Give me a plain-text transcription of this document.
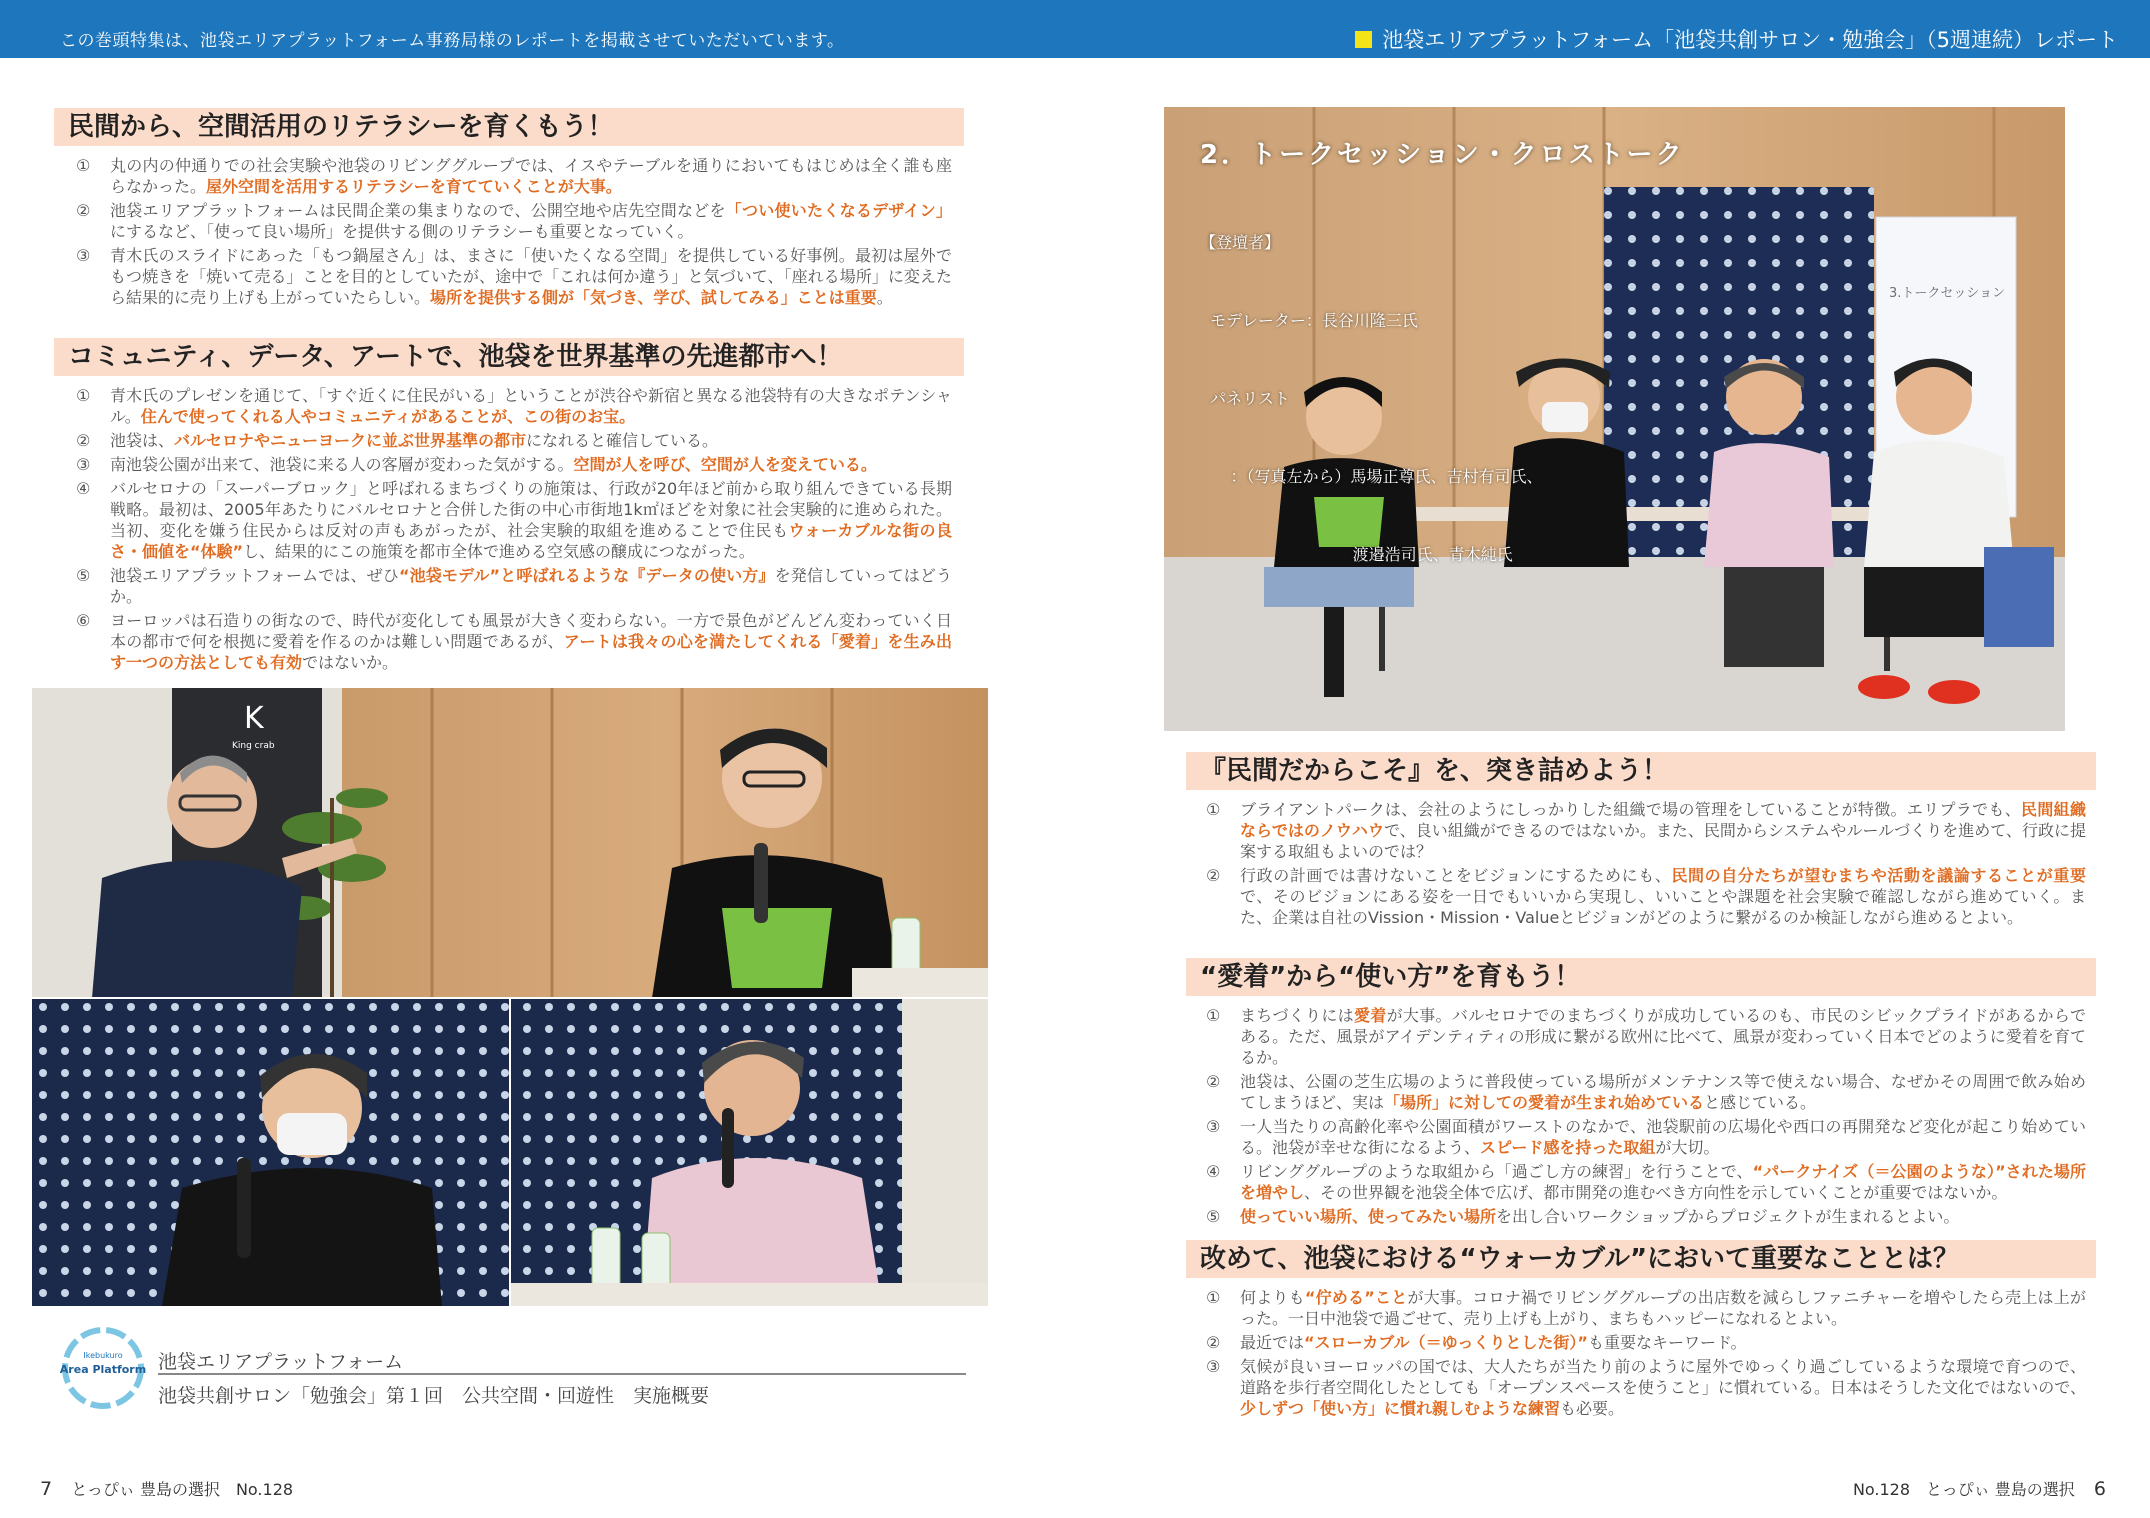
この巻頭特集は、池袋エリアプラットフォーム事務局様のレポートを掲載させていただいています。	池袋エリアプラットフォーム「池袋共創サロン・勉強会」（5週連続）レポート
民間から、空間活用のリテラシーを育くもう！
①	丸の内の仲通りでの社会実験や池袋のリビンググループでは、イスやテーブルを通りにおいてもはじめは全く誰も座らなかった。屋外空間を活用するリテラシーを育てていくことが大事。
②	池袋エリアプラットフォームは民間企業の集まりなので、公開空地や店先空間などを「つい使いたくなるデザイン」にするなど、「使って良い場所」を提供する側のリテラシーも重要となっていく。
③	青木氏のスライドにあった「もつ鍋屋さん」は、まさに「使いたくなる空間」を提供している好事例。最初は屋外でもつ焼きを「焼いて売る」ことを目的としていたが、途中で「これは何か違う」と気づいて、「座れる場所」に変えたら結果的に売り上げも上がっていたらしい。場所を提供する側が「気づき、学び、試してみる」ことは重要。
コミュニティ、データ、アートで、池袋を世界基準の先進都市へ！
①	青木氏のプレゼンを通じて、「すぐ近くに住民がいる」ということが渋谷や新宿と異なる池袋特有の大きなポテンシャル。住んで使ってくれる人やコミュニティがあることが、この街のお宝。
②	池袋は、バルセロナやニューヨークに並ぶ世界基準の都市になれると確信している。
③	南池袋公園が出来て、池袋に来る人の客層が変わった気がする。空間が人を呼び、空間が人を変えている。
④	バルセロナの「スーパーブロック」と呼ばれるまちづくりの施策は、行政が20年ほど前から取り組んできている長期戦略。最初は、2005年あたりにバルセロナと合併した街の中心市街地1k㎡ほどを対象に社会実験的に進められた。当初、変化を嫌う住民からは反対の声もあがったが、社会実験的取組を進めることで住民もウォーカブルな街の良さ・価値を“体験”し、結果的にこの施策を都市全体で進める空気感の醸成につながった。
⑤	池袋エリアプラットフォームでは、ぜひ“池袋モデル”と呼ばれるような『データの使い方』を発信していってはどうか。
⑥	ヨーロッパは石造りの街なので、時代が変化しても風景が大きく変わらない。一方で景色がどんどん変わっていく日本の都市で何を根拠に愛着を作るのかは難しい問題であるが、アートは我々の心を満たしてくれる「愛着」を生み出す一つの方法としても有効ではないか。
K
King crab
Ikebukuro
Area Platform 池袋エリアプラットフォーム
池袋共創サロン「勉強会」第１回　公共空間・回遊性　実施概要
7 とっぴぃ 豊島の選択　No.128
3.トークセッション
2．トークセッション・クロストーク

【登壇者】

モデレーター：長谷川隆三氏

パネリスト

：（写真左から）馬場正尊氏、吉村有司氏、

渡邉浩司氏、青木純氏

『民間だからこそ』を、突き詰めよう！
①	ブライアントパークは、会社のようにしっかりした組織で場の管理をしていることが特徴。エリプラでも、民間組織ならではのノウハウで、良い組織ができるのではないか。また、民間からシステムやルールづくりを進めて、行政に提案する取組もよいのでは？
②	行政の計画では書けないことをビジョンにするためにも、民間の自分たちが望むまちや活動を議論することが重要で、そのビジョンにある姿を一日でもいいから実現し、いいことや課題を社会実験で確認しながら進めていく。また、企業は自社のVission・Mission・Valueとビジョンがどのように繋がるのか検証しながら進めるとよい。
“愛着”から“使い方”を育もう！
①	まちづくりには愛着が大事。バルセロナでのまちづくりが成功しているのも、市民のシビックプライドがあるからである。ただ、風景がアイデンティティの形成に繋がる欧州に比べて、風景が変わっていく日本でどのように愛着を育てるか。
②	池袋は、公園の芝生広場のように普段使っている場所がメンテナンス等で使えない場合、なぜかその周囲で飲み始めてしまうほど、実は「場所」に対しての愛着が生まれ始めていると感じている。
③	一人当たりの高齢化率や公園面積がワーストのなかで、池袋駅前の広場化や西口の再開発など変化が起こり始めている。池袋が幸せな街になるよう、スピード感を持った取組が大切。
④	リビンググループのような取組から「過ごし方の練習」を行うことで、“パークナイズ（＝公園のような）”された場所を増やし、その世界観を池袋全体で広げ、都市開発の進むべき方向性を示していくことが重要ではないか。
⑤	使っていい場所、使ってみたい場所を出し合いワークショップからプロジェクトが生まれるとよい。
改めて、池袋における“ウォーカブル”において重要なこととは？
①	何よりも“佇める”ことが大事。コロナ禍でリビンググループの出店数を減らしファニチャーを増やしたら売上は上がった。一日中池袋で過ごせて、売り上げも上がり、まちもハッピーになれるとよい。
②	最近では“スローカブル（＝ゆっくりとした街）”も重要なキーワード。
③	気候が良いヨーロッパの国では、大人たちが当たり前のように屋外でゆっくり過ごしているような環境で育つので、道路を歩行者空間化したとしても「オープンスペースを使うこと」に慣れている。日本はそうした文化ではないので、少しずつ「使い方」に慣れ親しむような練習も必要。
No.128　とっぴぃ 豊島の選択 6
